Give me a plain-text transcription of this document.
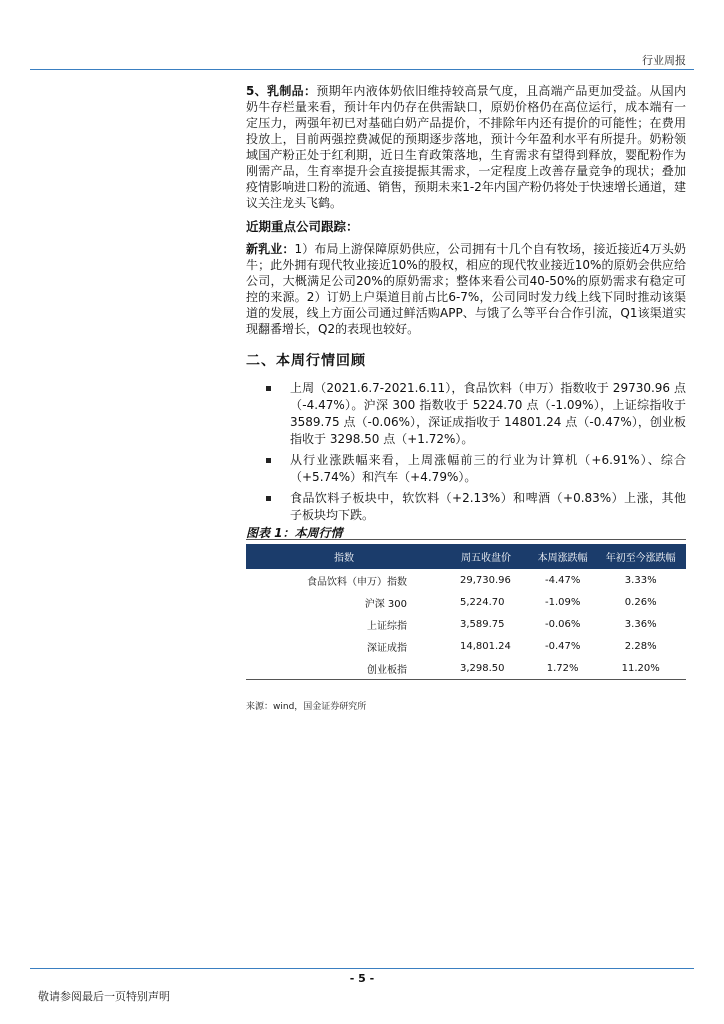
行业周报

5、乳制品：预期年内液体奶依旧维持较高景气度，且高端产品更加受益。从国内奶牛存栏量来看，预计年内仍存在供需缺口，原奶价格仍在高位运行，成本端有一定压力，两强年初已对基础白奶产品提价，不排除年内还有提价的可能性；在费用投放上，目前两强控费减促的预期逐步落地，预计今年盈利水平有所提升。奶粉领域国产粉正处于红利期，近日生育政策落地，生育需求有望得到释放，婴配粉作为刚需产品，生育率提升会直接提振其需求，一定程度上改善存量竞争的现状；叠加疫情影响进口粉的流通、销售，预期未来1-2年内国产粉仍将处于快速增长通道，建议关注龙头飞鹤。

近期重点公司跟踪：

新乳业：1）布局上游保障原奶供应，公司拥有十几个自有牧场，接近接近4万头奶牛；此外拥有现代牧业接近10%的股权，相应的现代牧业接近10%的原奶会供应给公司，大概满足公司20%的原奶需求；整体来看公司40-50%的原奶需求有稳定可控的来源。2）订奶上户渠道目前占比6-7%，公司同时发力线上线下同时推动该渠道的发展，线上方面公司通过鲜活购APP、与饿了么等平台合作引流，Q1该渠道实现翻番增长，Q2的表现也较好。

二、本周行情回顾
上周（2021.6.7-2021.6.11），食品饮料（申万）指数收于 29730.96 点（-4.47%）。沪深 300 指数收于 5224.70 点（-1.09%），上证综指收于 3589.75 点（-0.06%），深证成指收于 14801.24 点（-0.47%），创业板指收于 3298.50 点（+1.72%）。
从行业涨跌幅来看，上周涨幅前三的行业为计算机（+6.91%）、综合（+5.74%）和汽车（+4.79%）。
食品饮料子板块中，软饮料（+2.13%）和啤酒（+0.83%）上涨，其他子板块均下跌。
图表 1：本周行情
指数	周五收盘价	本周涨跌幅	年初至今涨跌幅
食品饮料（申万）指数	29,730.96	-4.47%	3.33%
沪深 300	5,224.70	-1.09%	0.26%
上证综指	3,589.75	-0.06%	3.36%
深证成指	14,801.24	-0.47%	2.28%
创业板指	3,298.50	1.72%	11.20%
来源：wind，国金证券研究所
- 5 -
敬请参阅最后一页特别声明
